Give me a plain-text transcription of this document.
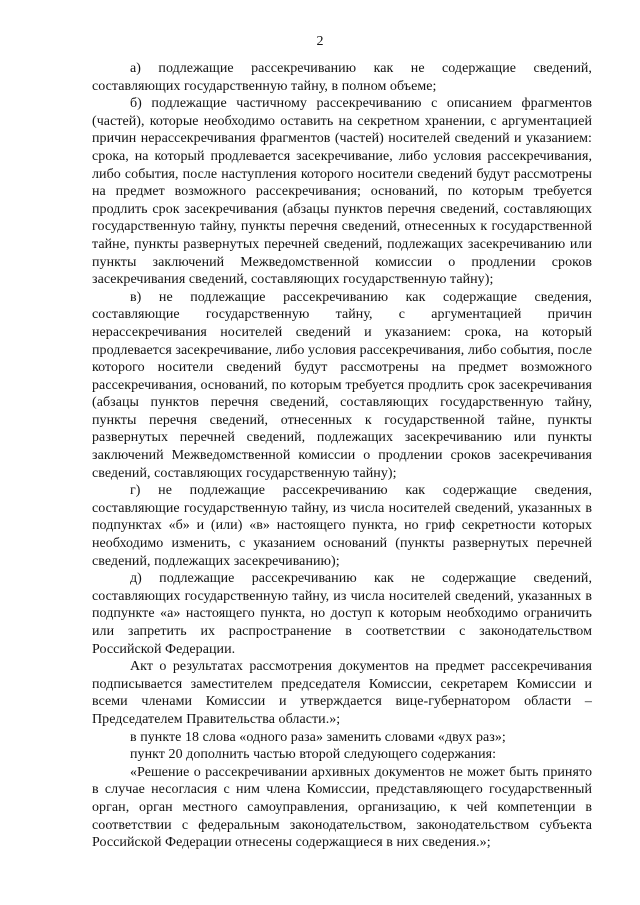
2

а) подлежащие рассекречиванию как не содержащие сведений, составляющих государственную тайну, в полном объеме;

б) подлежащие частичному рассекречиванию с описанием фрагментов (частей), которые необходимо оставить на секретном хранении, с аргументацией причин нерассекречивания фрагментов (частей) носителей сведений и указанием: срока, на который продлевается засекречивание, либо условия рассекречивания, либо события, после наступления которого носители сведений будут рассмотрены на предмет возможного рассекречивания; оснований, по которым требуется продлить срок засекречивания (абзацы пунктов перечня сведений, составляющих государственную тайну, пункты перечня сведений, отнесенных к государственной тайне, пункты развернутых перечней сведений, подлежащих засекречиванию или пункты заключений Межведомственной комиссии о продлении сроков засекречивания сведений, составляющих государственную тайну);

в) не подлежащие рассекречиванию как содержащие сведения, составляющие государственную тайну, с аргументацией причин нерассекречивания носителей сведений и указанием: срока, на который продлевается засекречивание, либо условия рассекречивания, либо события, после которого носители сведений будут рассмотрены на предмет возможного рассекречивания, оснований, по которым требуется продлить срок засекречивания (абзацы пунктов перечня сведений, составляющих государственную тайну, пункты перечня сведений, отнесенных к государственной тайне, пункты развернутых перечней сведений, подлежащих засекречиванию или пункты заключений Межведомственной комиссии о продлении сроков засекречивания сведений, составляющих государственную тайну);

г) не подлежащие рассекречиванию как содержащие сведения, составляющие государственную тайну, из числа носителей сведений, указанных в подпунктах «б» и (или) «в» настоящего пункта, но гриф секретности которых необходимо изменить, с указанием оснований (пункты развернутых перечней сведений, подлежащих засекречиванию);

д) подлежащие рассекречиванию как не содержащие сведений, составляющих государственную тайну, из числа носителей сведений, указанных в подпункте «а» настоящего пункта, но доступ к которым необходимо ограничить или запретить их распространение в соответствии с законодательством Российской Федерации.

Акт о результатах рассмотрения документов на предмет рассекречивания подписывается заместителем председателя Комиссии, секретарем Комиссии и всеми членами Комиссии и утверждается вице-губернатором области – Председателем Правительства области.»;

в пункте 18 слова «одного раза» заменить словами «двух раз»;

пункт 20 дополнить частью второй следующего содержания:

«Решение о рассекречивании архивных документов не может быть принято в случае несогласия с ним члена Комиссии, представляющего государственный орган, орган местного самоуправления, организацию, к чей компетенции в соответствии с федеральным законодательством, законодательством субъекта Российской Федерации отнесены содержащиеся в них сведения.»;
